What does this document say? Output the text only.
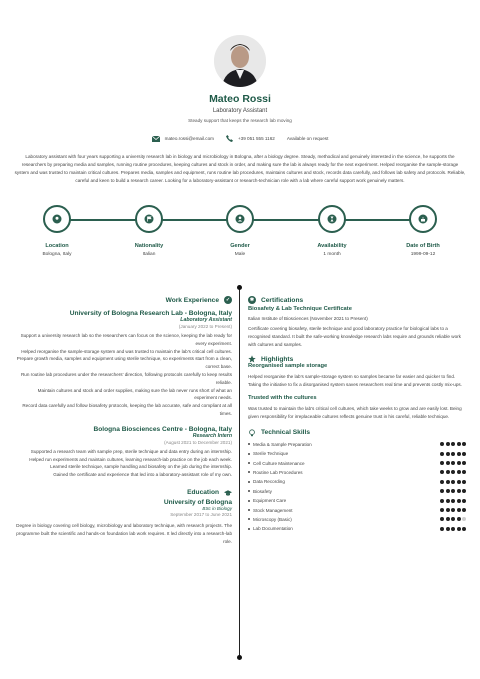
Mateo Rossi
Laboratory Assistant
Steady support that keeps the research lab moving
mateo.rossi@email.com	+39 051 555 1162	Available on request

Laboratory assistant with four years supporting a university research lab in biology and microbiology in Bologna, after a biology degree. Steady, methodical and genuinely interested in the science, he supports the researchers by preparing media and samples, running routine procedures, keeping cultures and stock in order, and making sure the lab is always ready for the next experiment. Helped reorganise the sample-storage system and was trusted to maintain critical cultures. Prepares media, samples and equipment, runs routine lab procedures, maintains cultures and stock, records data carefully, and follows lab safety and protocols. Reliable, careful and keen to build a research career. Looking for a laboratory-assistant or research-technician role with a lab where careful support work genuinely matters.

Location
Bologna, Italy
Nationality
Italian
Gender
Male
Availability
1 month
Date of Birth
1999-09-12
Work Experience	✓
University of Bologna Research Lab - Bologna, Italy
Laboratory Assistant
(January 2022 to Present)

Support a university research lab so the researchers can focus on the science, keeping the lab ready for every experiment.

Helped reorganise the sample-storage system and was trusted to maintain the lab's critical cell cultures.

Prepare growth media, samples and equipment using sterile technique, so experiments start from a clean, correct base.

Run routine lab procedures under the researchers' direction, following protocols carefully to keep results reliable.

Maintain cultures and stock and order supplies, making sure the lab never runs short of what an experiment needs.

Record data carefully and follow biosafety protocols, keeping the lab accurate, safe and compliant at all times.

Bologna Biosciences Centre - Bologna, Italy
Research Intern
(August 2021 to December 2021)

Supported a research team with sample prep, sterile technique and data entry during an internship.

Helped run experiments and maintain cultures, learning research-lab practice on the job each week.

Learned sterile technique, sample handling and biosafety on the job during the internship.

Gained the certificate and experience that led into a laboratory-assistant role of my own.

Education
University of Bologna
BSc in Biology
September 2017 to June 2021

Degree in biology covering cell biology, microbiology and laboratory technique, with research projects. The programme built the scientific and hands-on foundation lab work requires. It led directly into a research-lab role.

✱ Certifications
Biosafety & Lab Technique Certificate
Italian Institute of Biosciences (November 2021 to Present)

Certificate covering biosafety, sterile technique and good laboratory practice for biological labs to a recognised standard. It built the safe-working knowledge research labs require and grounds reliable work with cultures and samples.

Highlights
Reorganised sample storage

Helped reorganise the lab's sample-storage system so samples became far easier and quicker to find. Taking the initiative to fix a disorganised system saves researchers real time and prevents costly mix-ups.

Trusted with the cultures

Was trusted to maintain the lab's critical cell cultures, which take weeks to grow and are easily lost. Being given responsibility for irreplaceable cultures reflects genuine trust in his careful, reliable technique.

Technical Skills
Media & Sample Preparation
Sterile Technique
Cell Culture Maintenance
Routine Lab Procedures
Data Recording
Biosafety
Equipment Care
Stock Management
Microscopy (Basic)
Lab Documentation
